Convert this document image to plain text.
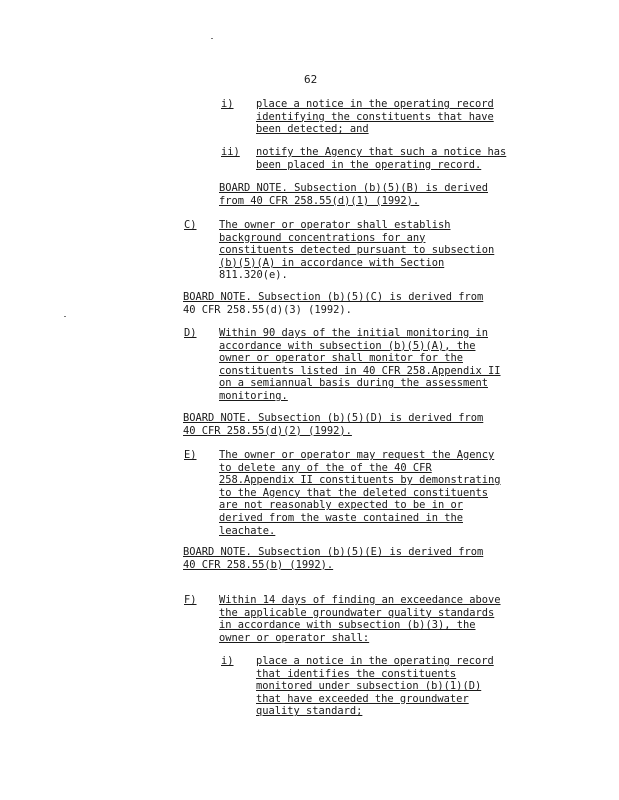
62
i) place a notice in the operating record
identifying the constituents that have
been detected; and
ii) notify the Agency that such a notice has
been placed in the operating record.
BOARD NOTE. Subsection (b)(5)(B) is derived
from 40 CFR 258.55(d)(1) (1992).
C) The owner or operator shall establish
background concentrations for any
constituents detected pursuant to subsection
(b)(5)(A) in accordance with Section
811.320(e).
BOARD NOTE. Subsection (b)(5)(C) is derived from
40 CFR 258.55(d)(3) (1992).
D) Within 90 days of the initial monitoring in
accordance with subsection (b)(5)(A), the
owner or operator shall monitor for the
constituents listed in 40 CFR 258.Appendix II
on a semiannual basis during the assessment
monitoring.
BOARD NOTE. Subsection (b)(5)(D) is derived from
40 CFR 258.55(d)(2) (1992).
E) The owner or operator may request the Agency
to delete any of the of the 40 CFR
258.Appendix II constituents by demonstrating
to the Agency that the deleted constituents
are not reasonably expected to be in or
derived from the waste contained in the
leachate.
BOARD NOTE. Subsection (b)(5)(E) is derived from
40 CFR 258.55(b) (1992).
F) Within 14 days of finding an exceedance above
the applicable groundwater quality standards
in accordance with subsection (b)(3), the
owner or operator shall:
i) place a notice in the operating record
that identifies the constituents
monitored under subsection (b)(1)(D)
that have exceeded the groundwater
quality standard;
